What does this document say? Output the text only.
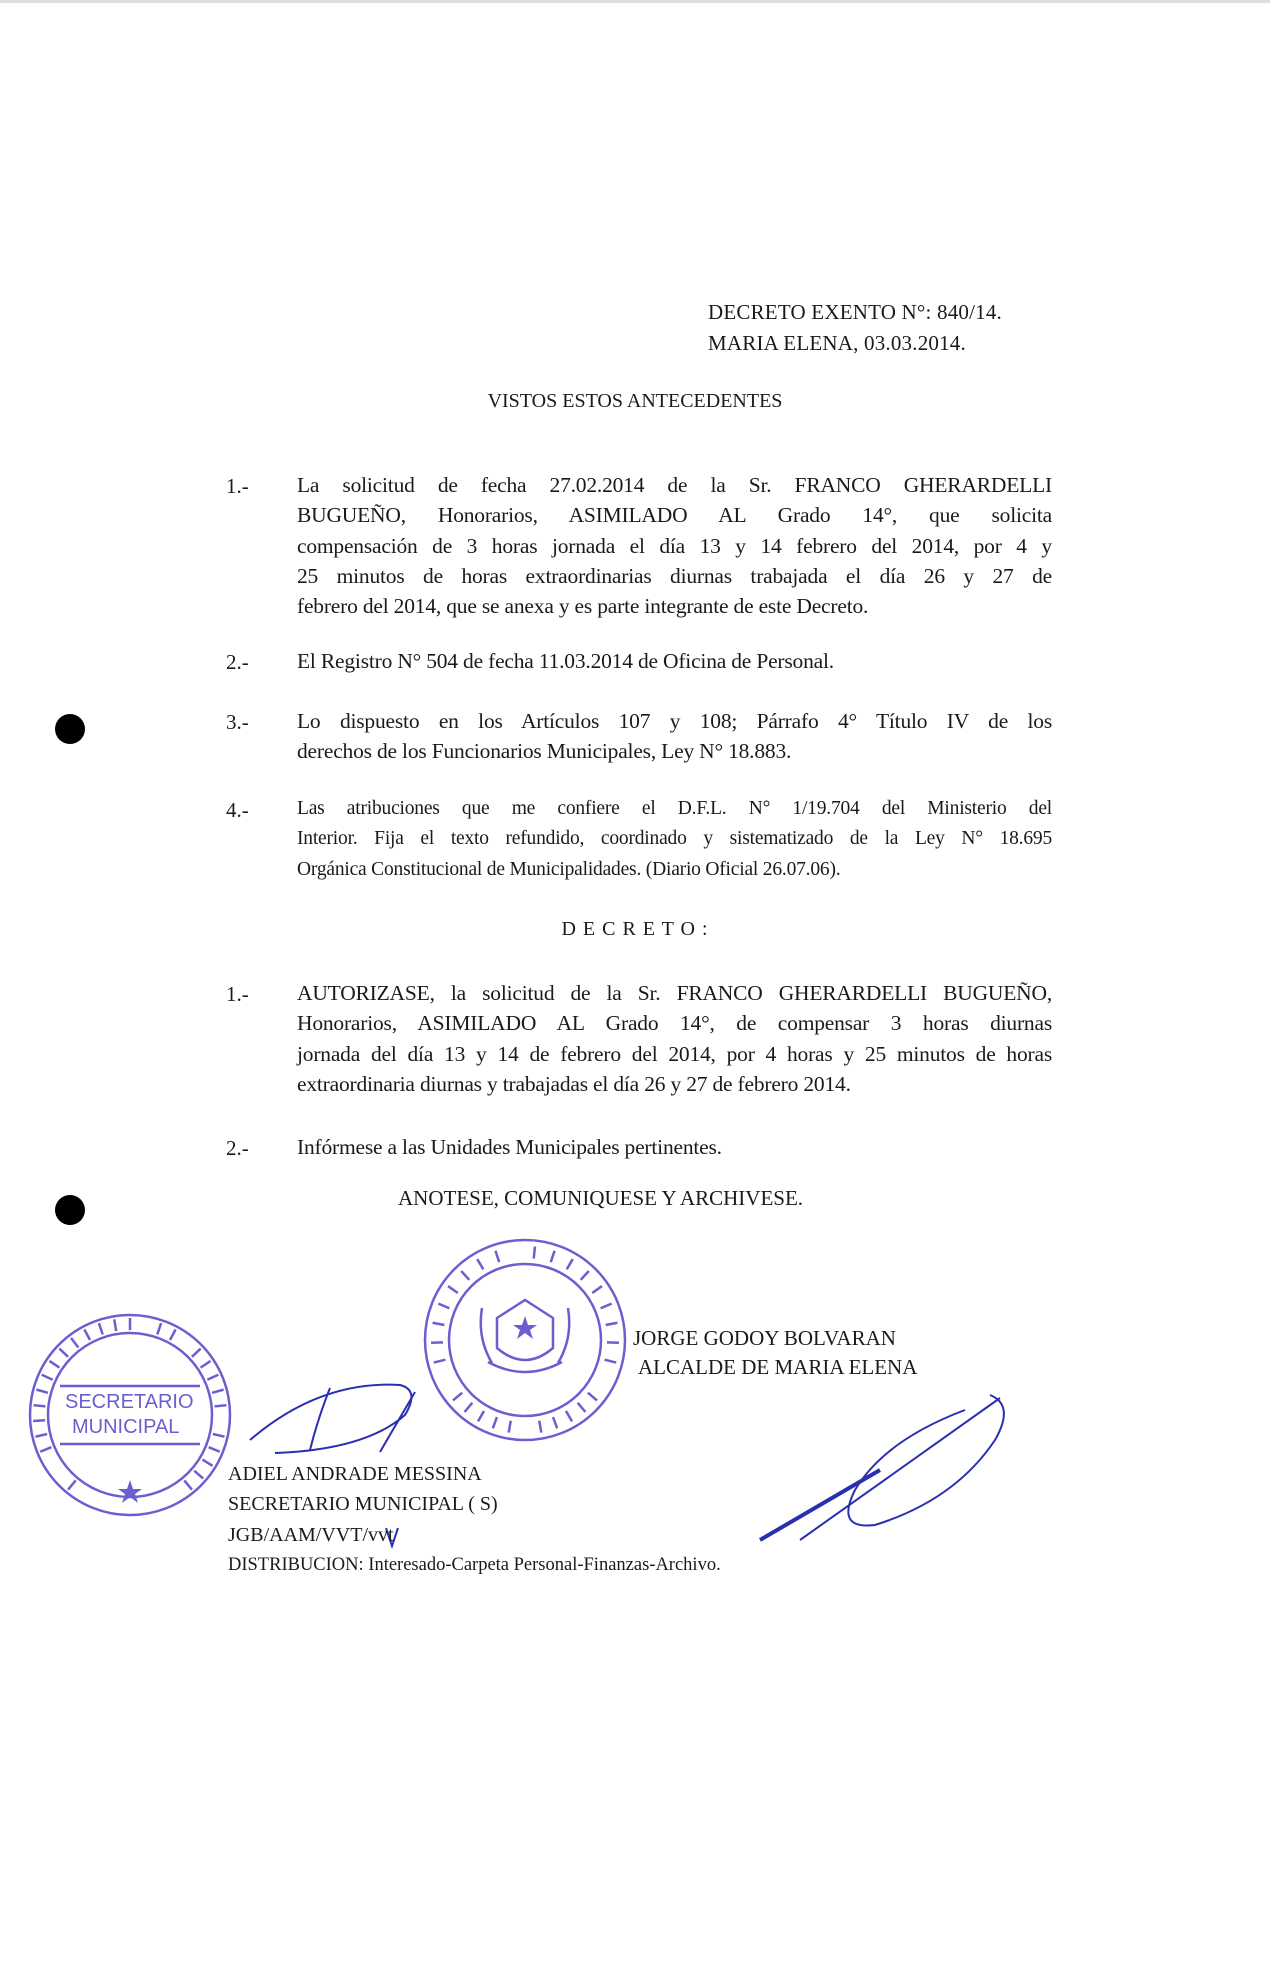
DECRETO EXENTO N°: 840/14.
MARIA ELENA, 03.03.2014.
VISTOS ESTOS ANTECEDENTES
1.- La solicitud de fecha 27.02.2014 de la Sr. FRANCO GHERARDELLI
BUGUEÑO, Honorarios, ASIMILADO AL Grado 14°, que solicita
compensación de 3 horas jornada el día 13 y 14 febrero del 2014, por 4 y
25 minutos de horas extraordinarias diurnas trabajada el día 26 y 27 de
febrero del 2014, que se anexa y es parte integrante de este Decreto.
2.- El Registro N° 504 de fecha 11.03.2014 de Oficina de Personal.
3.- Lo dispuesto en los Artículos 107 y 108; Párrafo 4° Título IV de los
derechos de los Funcionarios Municipales, Ley N° 18.883.
4.- Las atribuciones que me confiere el D.F.L. N° 1/19.704 del Ministerio del
Interior. Fija el texto refundido, coordinado y sistematizado de la Ley N° 18.695
Orgánica Constitucional de Municipalidades. (Diario Oficial 26.07.06).
D E C R E T O :
1.- AUTORIZASE, la solicitud de la Sr. FRANCO GHERARDELLI BUGUEÑO,
Honorarios, ASIMILADO AL Grado 14°, de compensar 3 horas diurnas
jornada del día 13 y 14 de febrero del 2014, por 4 horas y 25 minutos de horas
extraordinaria diurnas y trabajadas el día 26 y 27 de febrero 2014.
2.- Infórmese a las Unidades Municipales pertinentes.
ANOTESE, COMUNIQUESE Y ARCHIVESE.
SECRETARIO
MUNICIPAL
JORGE GODOY BOLVARAN
ALCALDE DE MARIA ELENA
ADIEL ANDRADE MESSINA
SECRETARIO MUNICIPAL ( S)
JGB/AAM/VVT/vvt
DISTRIBUCION: Interesado-Carpeta Personal-Finanzas-Archivo.
